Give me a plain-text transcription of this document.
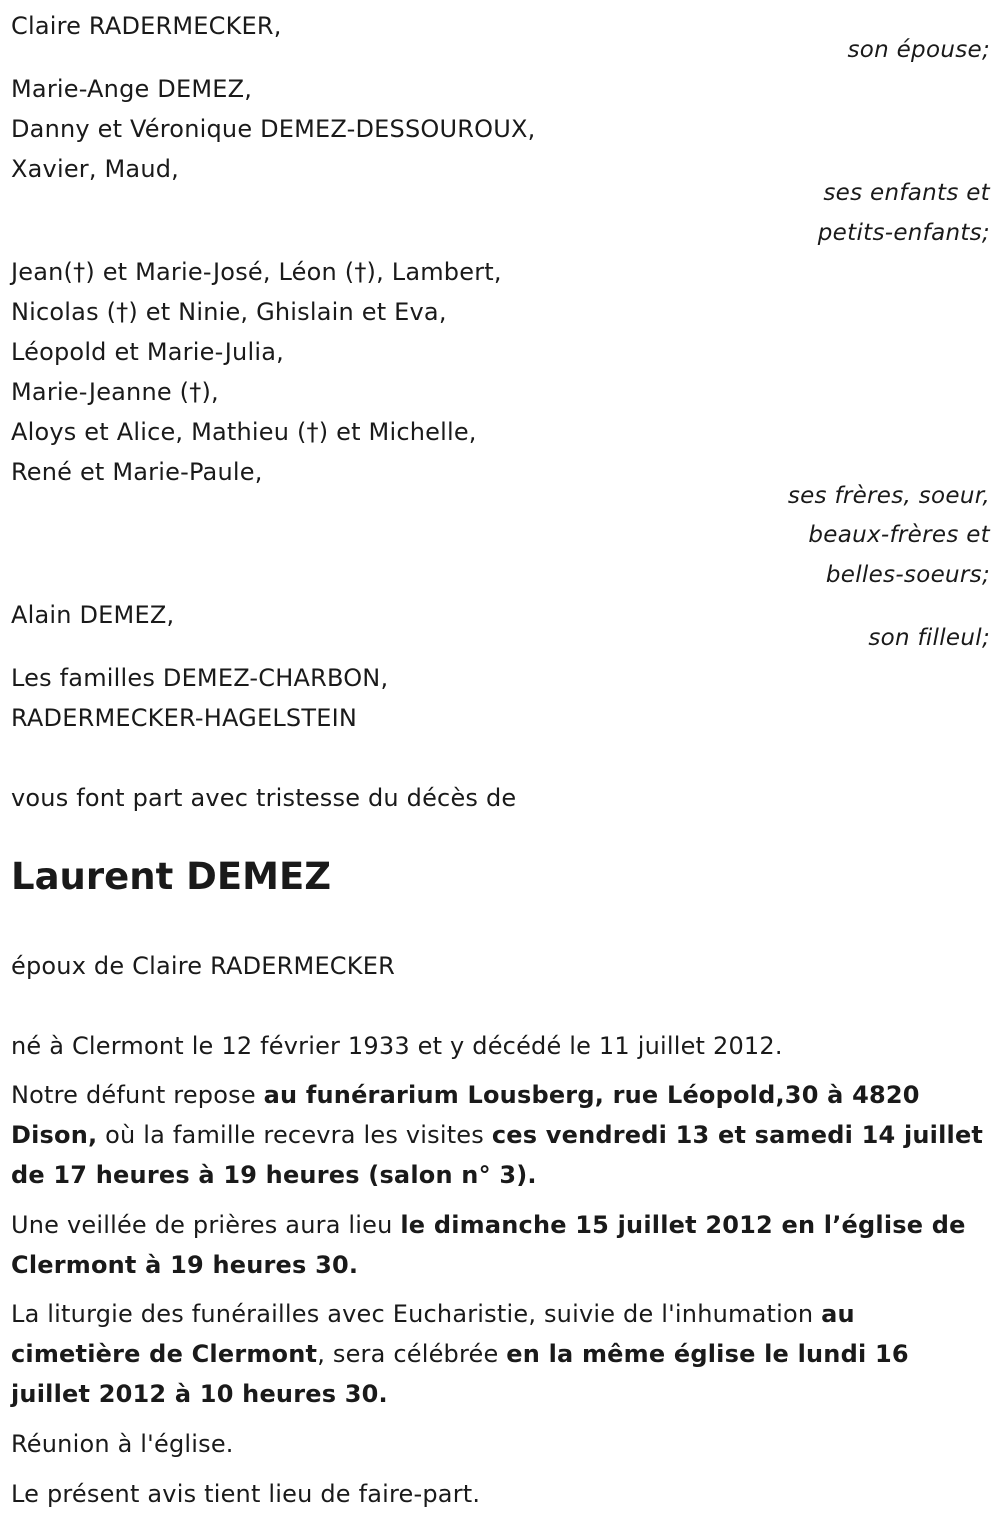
Claire RADERMECKER,
son épouse;
Marie-Ange DEMEZ,
Danny et Véronique DEMEZ-DESSOUROUX,
Xavier, Maud,
ses enfants et
petits-enfants;
Jean(†) et Marie-José, Léon (†), Lambert,
Nicolas (†) et Ninie, Ghislain et Eva,
Léopold et Marie-Julia,
Marie-Jeanne (†),
Aloys et Alice, Mathieu (†) et Michelle,
René et Marie-Paule,
ses frères, soeur,
beaux-frères et
belles-soeurs;
Alain DEMEZ,
son filleul;
Les familles DEMEZ-CHARBON,
RADERMECKER-HAGELSTEIN
vous font part avec tristesse du décès de
Laurent DEMEZ
époux de Claire RADERMECKER
né à Clermont le 12 février 1933 et y décédé le 11 juillet 2012.
Notre défunt repose au funérarium Lousberg, rue Léopold,30 à 4820 Dison, où la famille recevra les visites ces vendredi 13 et samedi 14 juillet de 17 heures à 19 heures (salon n° 3).
Une veillée de prières aura lieu le dimanche 15 juillet 2012 en l’église de Clermont à 19 heures 30.
La liturgie des funérailles avec Eucharistie, suivie de l'inhumation au cimetière de Clermont, sera célébrée en la même église le lundi 16 juillet 2012 à 10 heures 30.
Réunion à l'église.
Le présent avis tient lieu de faire-part.
